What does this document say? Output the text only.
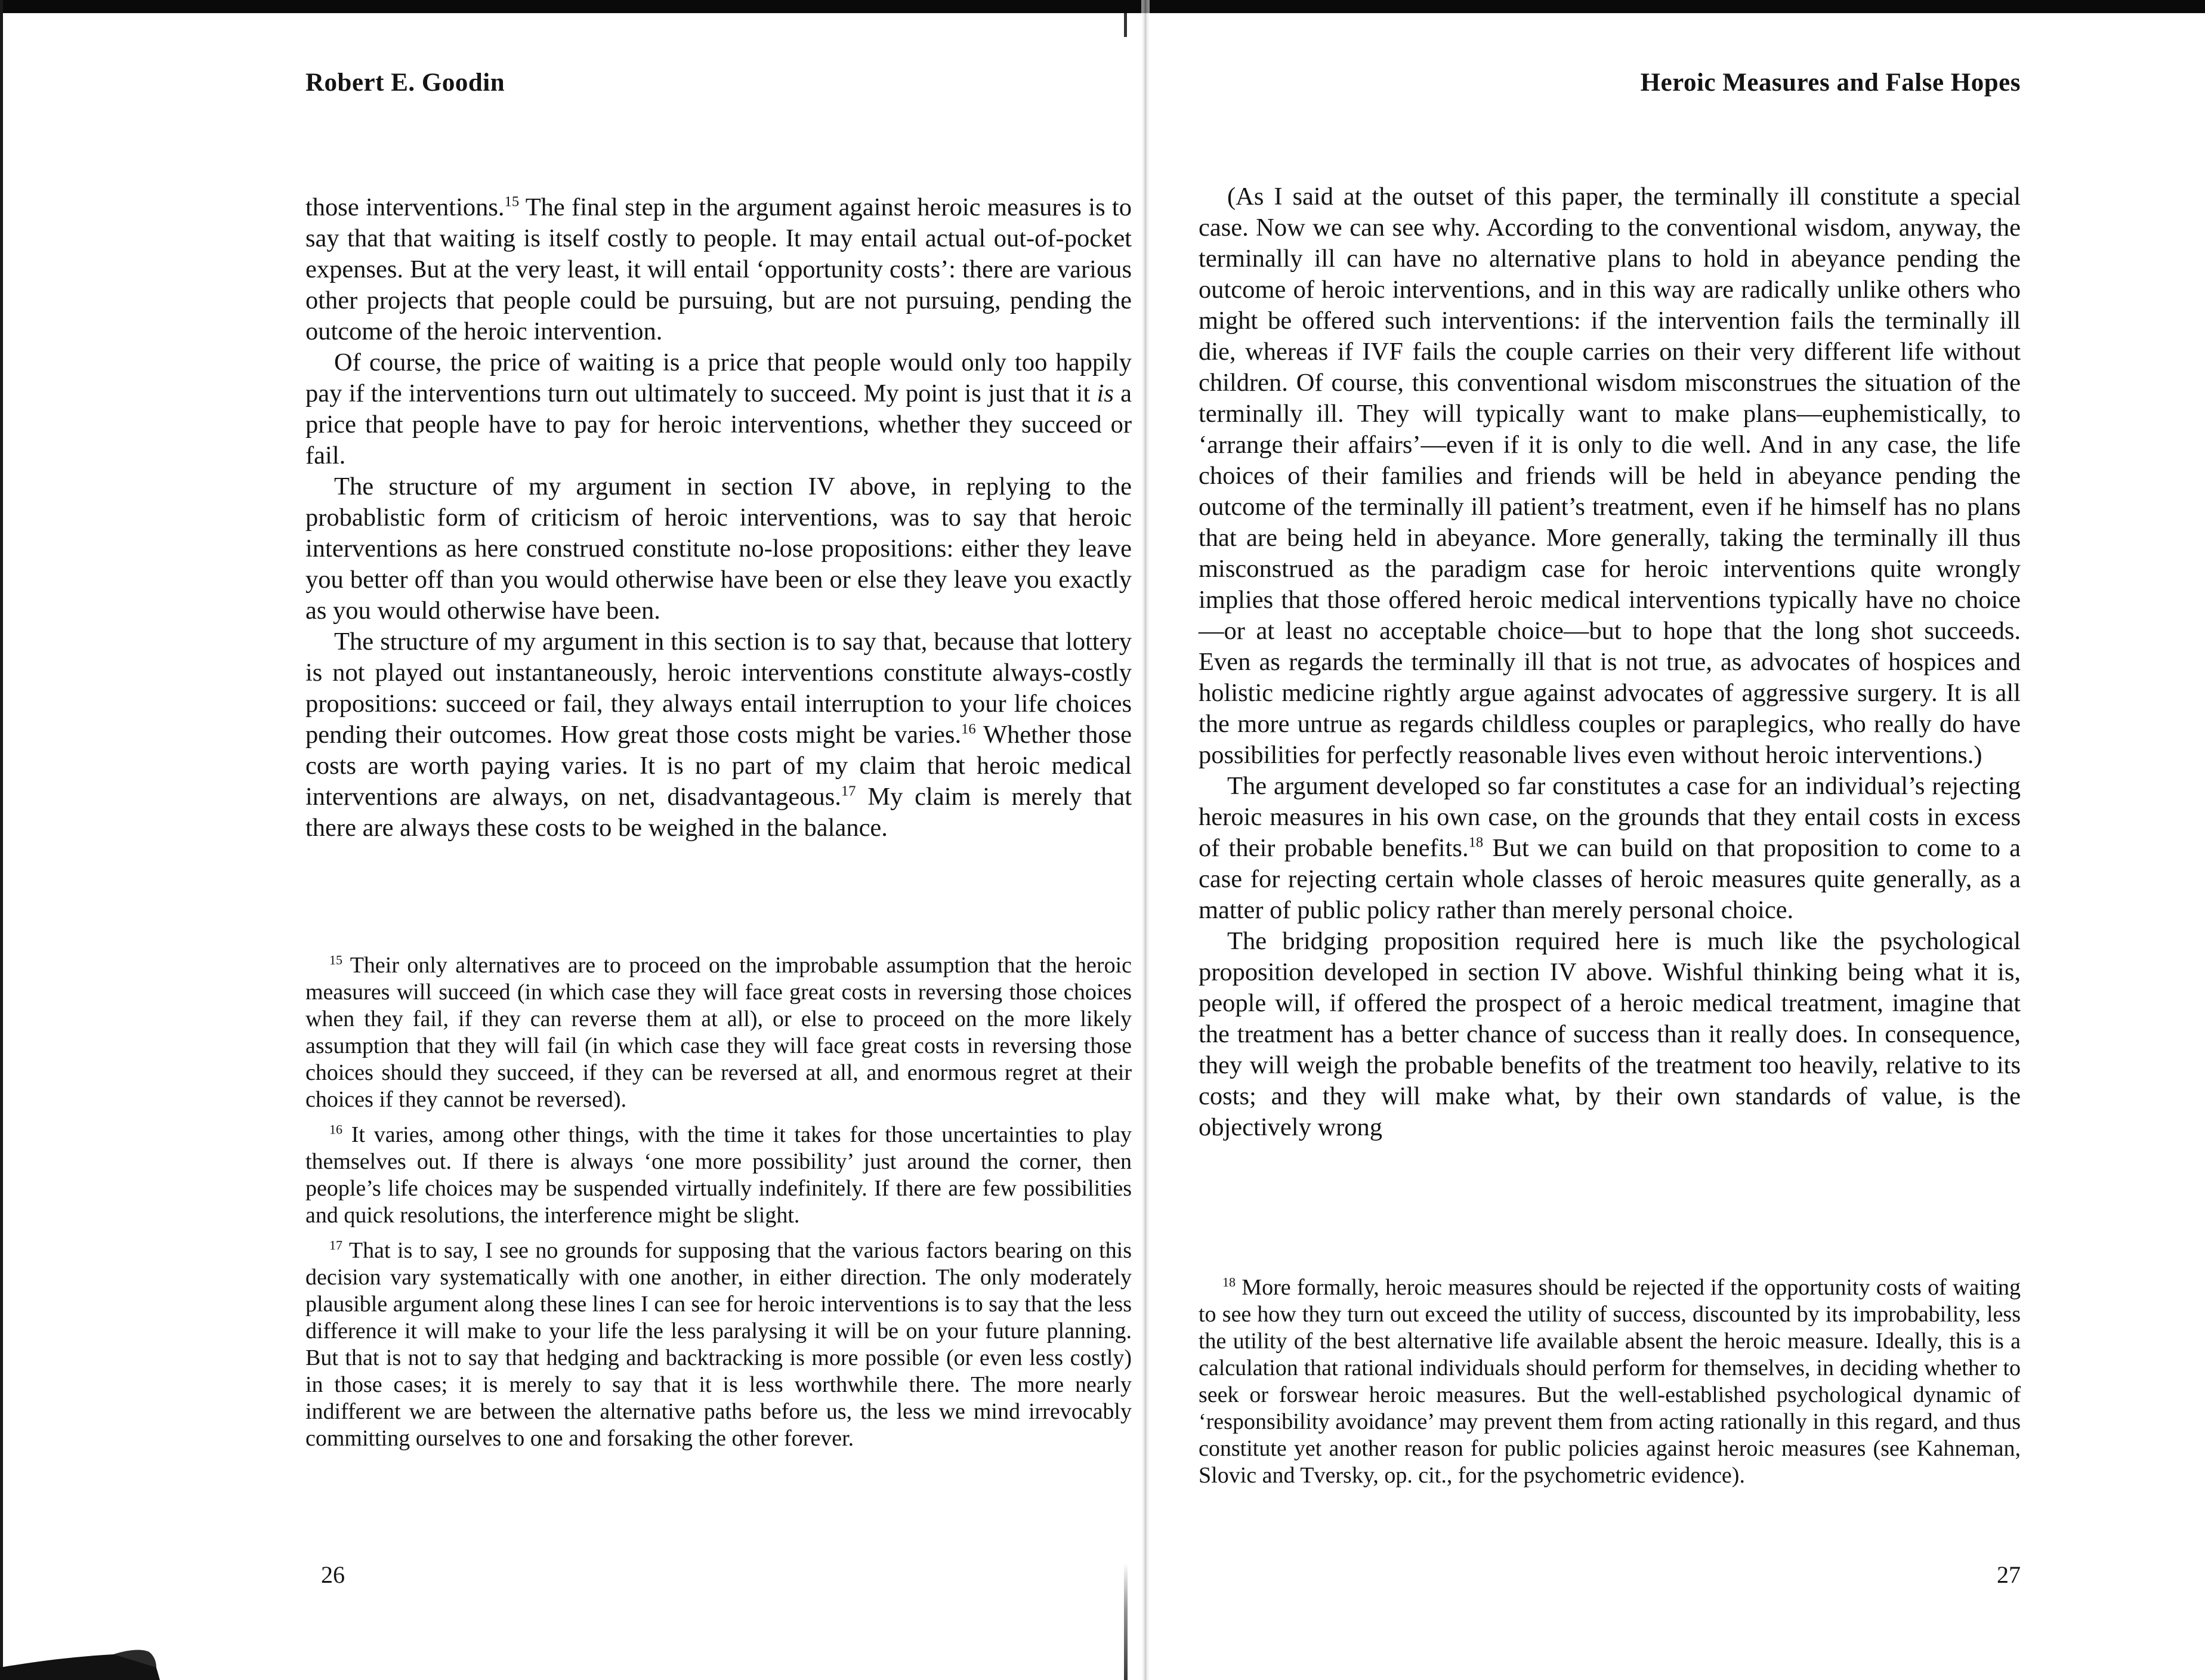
Robert E. Goodin

those interventions.$^{15}$ The final step in the argument against heroic measures is to say that that waiting is itself costly to people. It may entail actual out-of-pocket expenses. But at the very least, it will entail ‘opportunity costs’: there are various other projects that people could be pursuing, but are not pursuing, pending the outcome of the heroic intervention.

Of course, the price of waiting is a price that people would only too happily pay if the interventions turn out ultimately to succeed. My point is just that it is a price that people have to pay for heroic interventions, whether they succeed or fail.

The structure of my argument in section IV above, in replying to the probablistic form of criticism of heroic interventions, was to say that heroic interventions as here construed constitute no-lose propositions: either they leave you better off than you would otherwise have been or else they leave you exactly as you would otherwise have been.

The structure of my argument in this section is to say that, because that lottery is not played out instantaneously, heroic interventions constitute always-costly propositions: succeed or fail, they always entail interruption to your life choices pending their outcomes. How great those costs might be varies.$^{16}$ Whether those costs are worth paying varies. It is no part of my claim that heroic medical interventions are always, on net, disadvantageous.$^{17}$ My claim is merely that there are always these costs to be weighed in the balance.

$^{15}$ Their only alternatives are to proceed on the improbable assumption that the heroic measures will succeed (in which case they will face great costs in reversing those choices when they fail, if they can reverse them at all), or else to proceed on the more likely assumption that they will fail (in which case they will face great costs in reversing those choices should they succeed, if they can be reversed at all, and enormous regret at their choices if they cannot be reversed).

$^{16}$ It varies, among other things, with the time it takes for those uncertainties to play themselves out. If there is always ‘one more possibility’ just around the corner, then people’s life choices may be suspended virtually indefinitely. If there are few possibilities and quick resolutions, the interference might be slight.

$^{17}$ That is to say, I see no grounds for supposing that the various factors bearing on this decision vary systematically with one another, in either direction. The only moderately plausible argument along these lines I can see for heroic interventions is to say that the less difference it will make to your life the less paralysing it will be on your future planning. But that is not to say that hedging and backtracking is more possible (or even less costly) in those cases; it is merely to say that it is less worthwhile there. The more nearly indifferent we are between the alternative paths before us, the less we mind irrevocably committing ourselves to one and forsaking the other forever.

26
Heroic Measures and False Hopes

(As I said at the outset of this paper, the terminally ill constitute a special case. Now we can see why. According to the conventional wisdom, anyway, the terminally ill can have no alternative plans to hold in abeyance pending the outcome of heroic interventions, and in this way are radically unlike others who might be offered such interventions: if the intervention fails the terminally ill die, whereas if IVF fails the couple carries on their very different life without children. Of course, this conventional wisdom misconstrues the situation of the terminally ill. They will typically want to make plans—euphemistically, to ‘arrange their affairs’—even if it is only to die well. And in any case, the life choices of their families and friends will be held in abeyance pending the outcome of the terminally ill patient’s treatment, even if he himself has no plans that are being held in abeyance. More generally, taking the terminally ill thus misconstrued as the paradigm case for heroic interventions quite wrongly implies that those offered heroic medical interventions typically have no choice—or at least no acceptable choice—but to hope that the long shot succeeds. Even as regards the terminally ill that is not true, as advocates of hospices and holistic medicine rightly argue against advocates of aggressive surgery. It is all the more untrue as regards childless couples or paraplegics, who really do have possibilities for perfectly reasonable lives even without heroic interventions.)

The argument developed so far constitutes a case for an individual’s rejecting heroic measures in his own case, on the grounds that they entail costs in excess of their probable benefits.$^{18}$ But we can build on that proposition to come to a case for rejecting certain whole classes of heroic measures quite generally, as a matter of public policy rather than merely personal choice.

The bridging proposition required here is much like the psychological proposition developed in section IV above. Wishful thinking being what it is, people will, if offered the prospect of a heroic medical treatment, imagine that the treatment has a better chance of success than it really does. In consequence, they will weigh the probable benefits of the treatment too heavily, relative to its costs; and they will make what, by their own standards of value, is the objectively wrong

$^{18}$ More formally, heroic measures should be rejected if the opportunity costs of waiting to see how they turn out exceed the utility of success, discounted by its improbability, less the utility of the best alternative life available absent the heroic measure. Ideally, this is a calculation that rational individuals should perform for themselves, in deciding whether to seek or forswear heroic measures. But the well-established psychological dynamic of ‘responsibility avoidance’ may prevent them from acting rationally in this regard, and thus constitute yet another reason for public policies against heroic measures (see Kahneman, Slovic and Tversky, op. cit., for the psychometric evidence).

27
